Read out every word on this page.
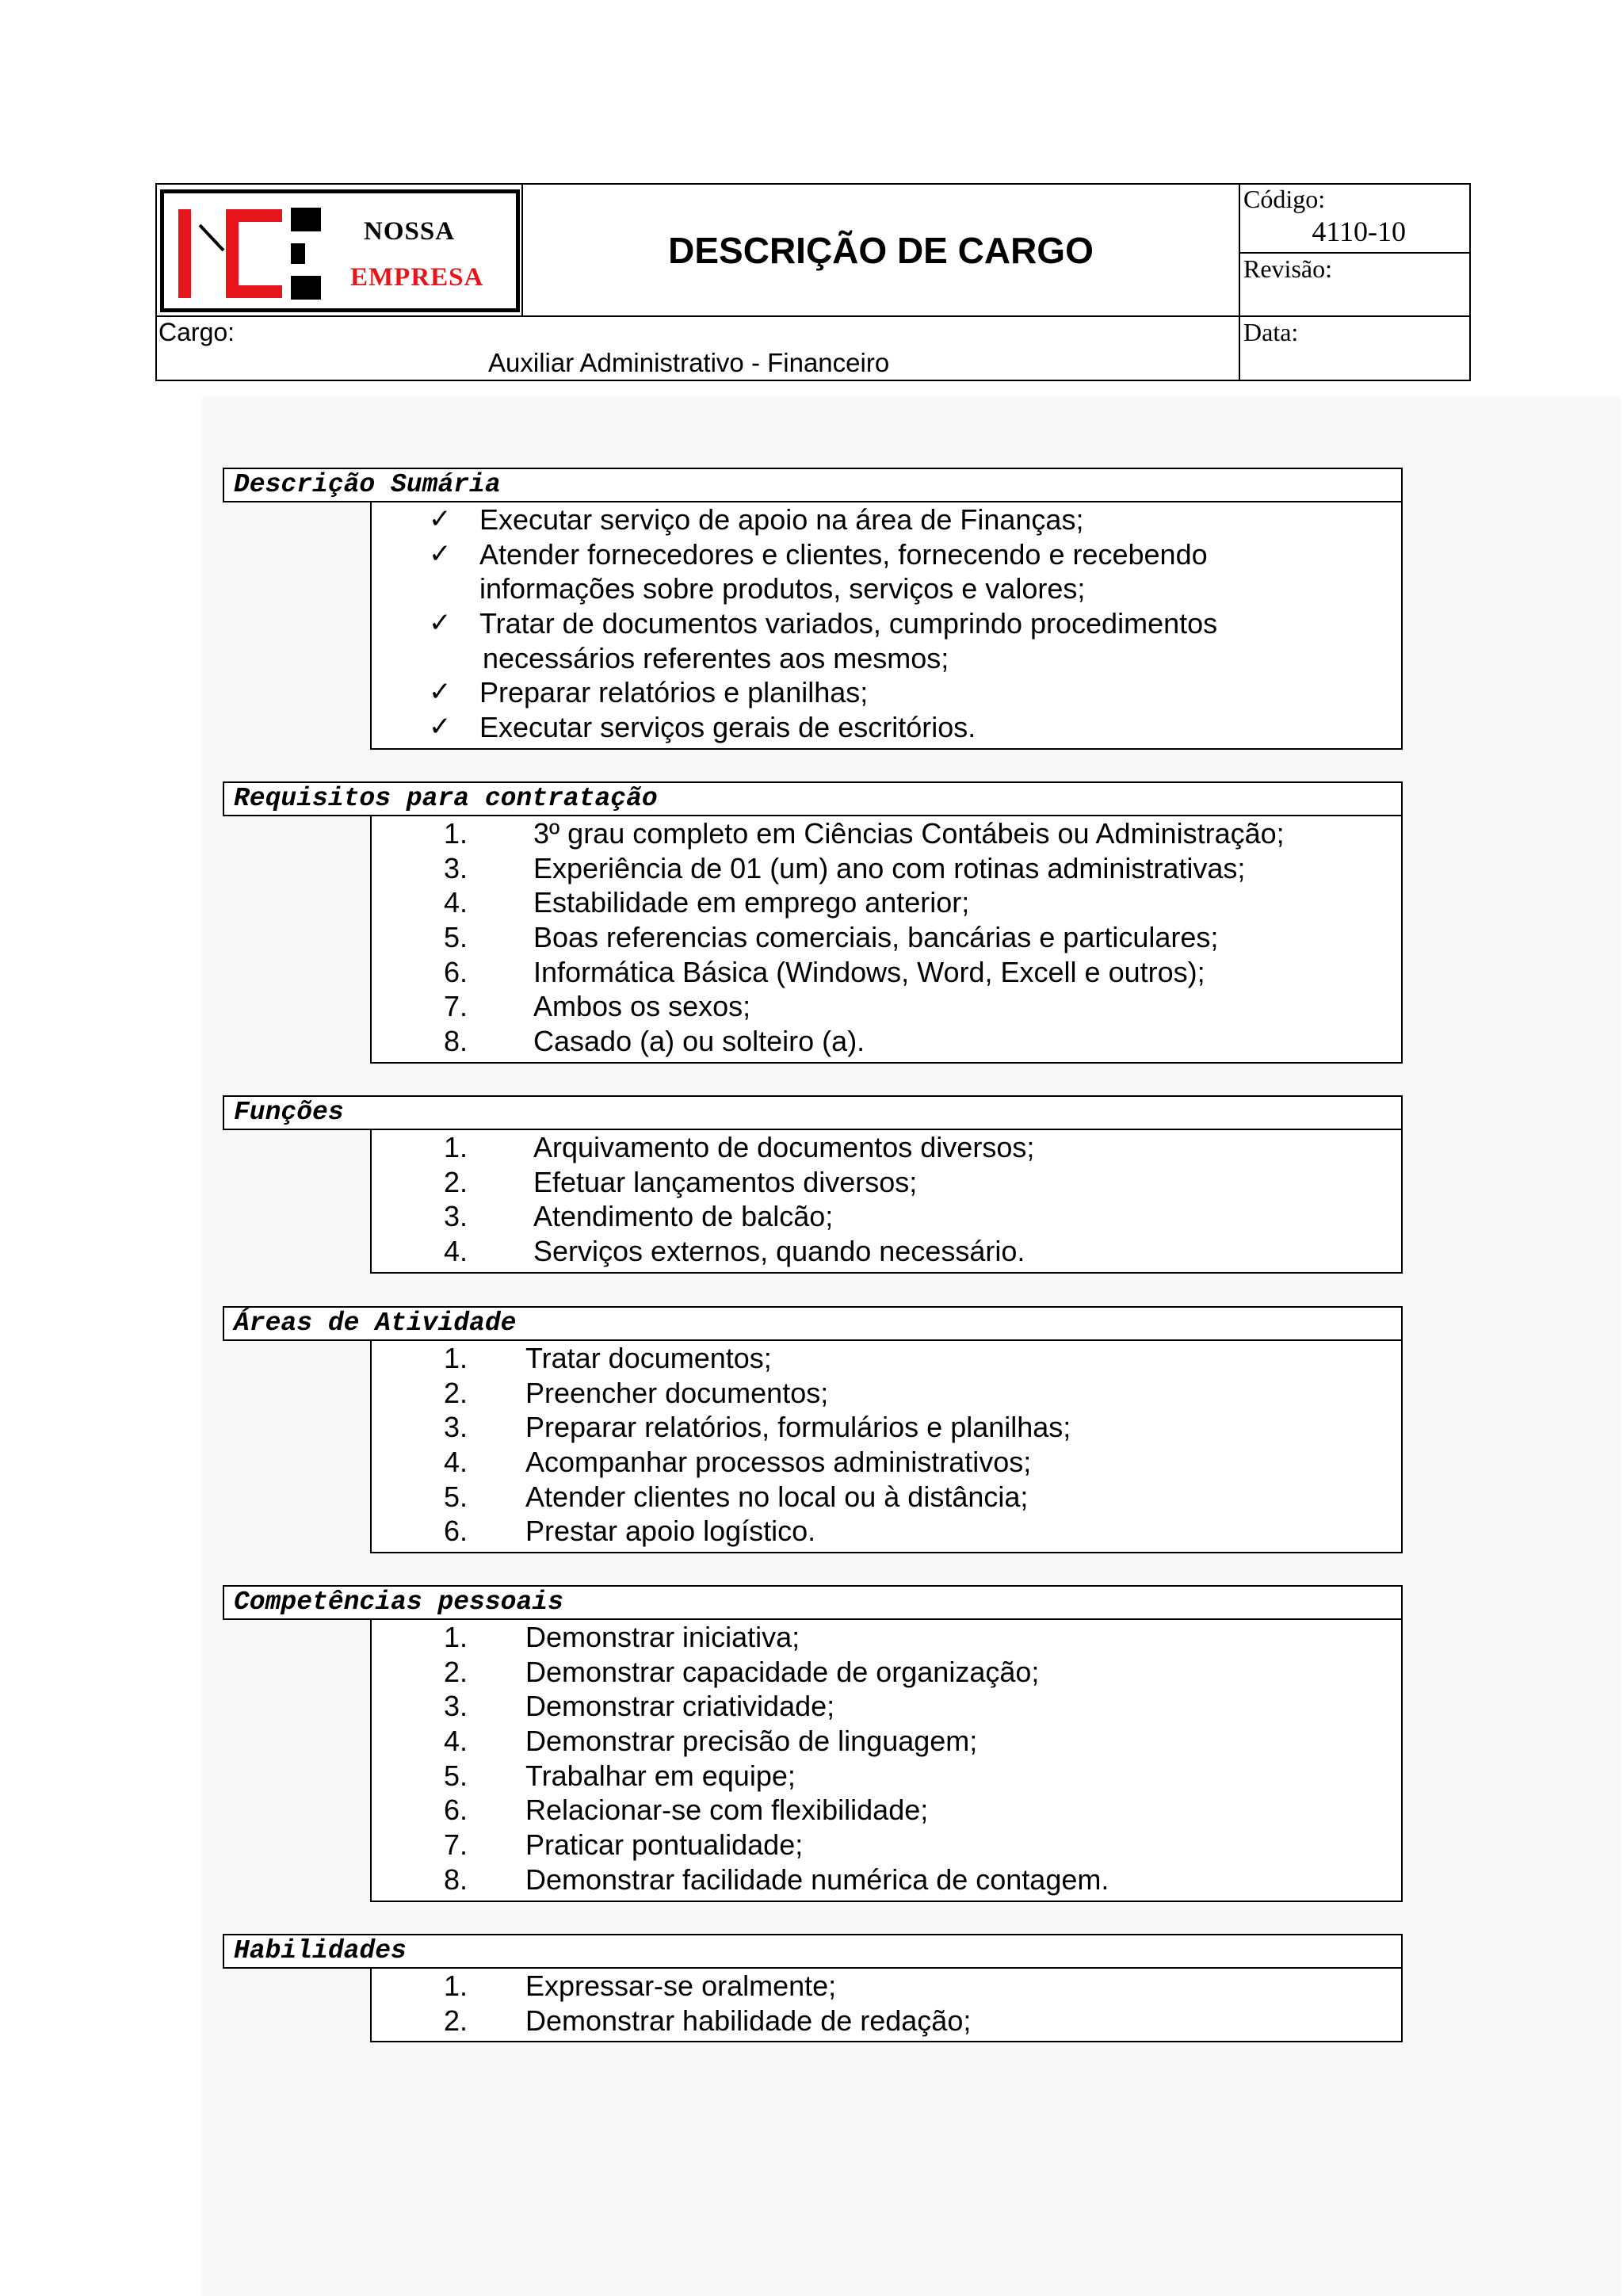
NOSSA
EMPRESA
DESCRIÇÃO DE CARGO
Código:
4110-10
Revisão:
Data:
Cargo:
Auxiliar Administrativo - Financeiro
Descrição Sumária
✓ Executar serviço de apoio na área de Finanças;
✓ Atender fornecedores e clientes, fornecendo e recebendo
informações sobre produtos, serviços e valores;
✓ Tratar de documentos variados, cumprindo procedimentos
necessários referentes aos mesmos;
✓ Preparar relatórios e planilhas;
✓ Executar serviços gerais de escritórios.
Requisitos para contratação
1. 3º grau completo em Ciências Contábeis ou Administração;
3. Experiência de 01 (um) ano com rotinas administrativas;
4. Estabilidade em emprego anterior;
5. Boas referencias comerciais, bancárias e particulares;
6. Informática Básica (Windows, Word, Excell e outros);
7. Ambos os sexos;
8. Casado (a) ou solteiro (a).
Funções
1. Arquivamento de documentos diversos;
2. Efetuar lançamentos diversos;
3. Atendimento de balcão;
4. Serviços externos, quando necessário.
Áreas de Atividade
1. Tratar documentos;
2. Preencher documentos;
3. Preparar relatórios, formulários e planilhas;
4. Acompanhar processos administrativos;
5. Atender clientes no local ou à distância;
6. Prestar apoio logístico.
Competências pessoais
1. Demonstrar iniciativa;
2. Demonstrar capacidade de organização;
3. Demonstrar criatividade;
4. Demonstrar precisão de linguagem;
5. Trabalhar em equipe;
6. Relacionar-se com flexibilidade;
7. Praticar pontualidade;
8. Demonstrar facilidade numérica de contagem.
Habilidades
1. Expressar-se oralmente;
2. Demonstrar habilidade de redação;
